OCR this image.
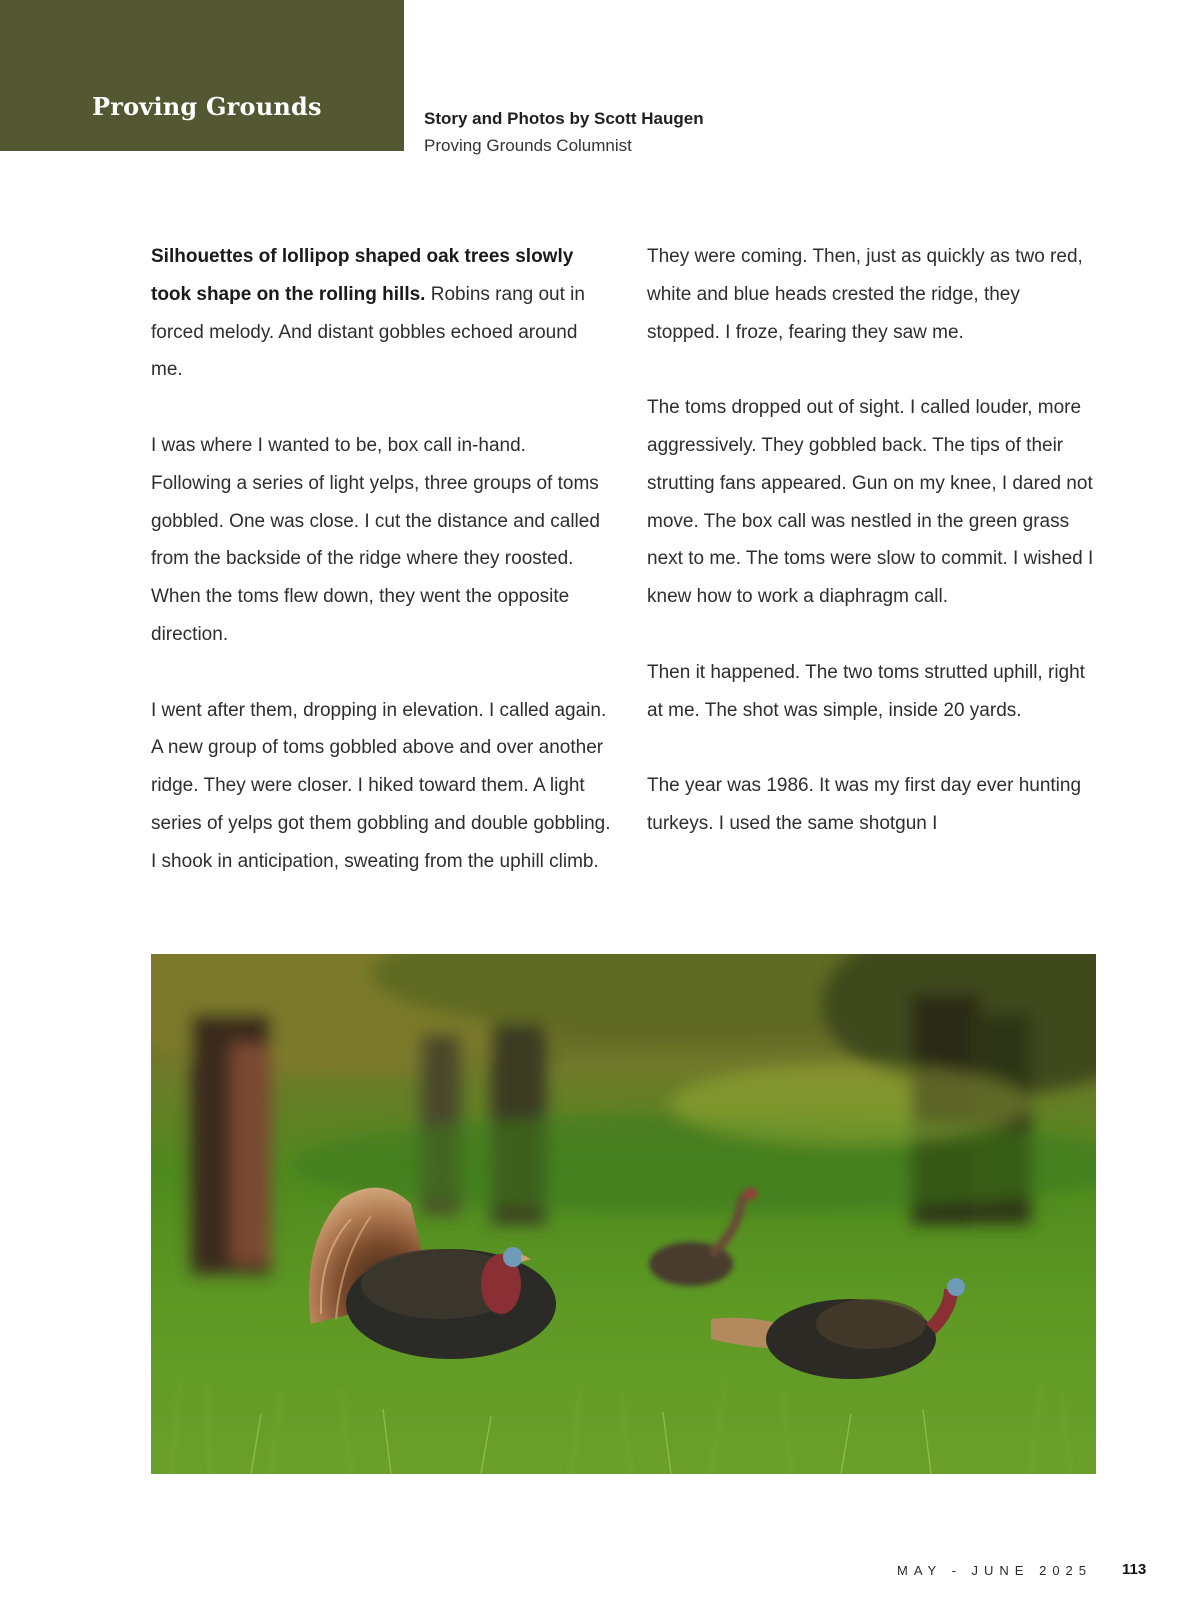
Proving Grounds	Story and Photos by Scott Haugen
Proving Grounds Columnist

Silhouettes of lollipop shaped oak trees slowly took shape on the rolling hills. Robins rang out in forced melody. And distant gobbles echoed around me.

I was where I wanted to be, box call in-hand. Following a series of light yelps, three groups of toms gobbled. One was close. I cut the distance and called from the backside of the ridge where they roosted. When the toms flew down, they went the opposite direction.

I went after them, dropping in elevation. I called again. A new group of toms gobbled above and over another ridge. They were closer. I hiked toward them. A light series of yelps got them gobbling and double gobbling. I shook in anticipation, sweating from the uphill climb.

They were coming. Then, just as quickly as two red, white and blue heads crested the ridge, they stopped. I froze, fearing they saw me.

The toms dropped out of sight. I called louder, more aggressively. They gobbled back. The tips of their strutting fans appeared. Gun on my knee, I dared not move. The box call was nestled in the green grass next to me. The toms were slow to commit. I wished I knew how to work a diaphragm call.

Then it happened. The two toms strutted uphill, right at me. The shot was simple, inside 20 yards.

The year was 1986. It was my first day ever hunting turkeys. I used the same shotgun I

MAY - JUNE 2025 113
